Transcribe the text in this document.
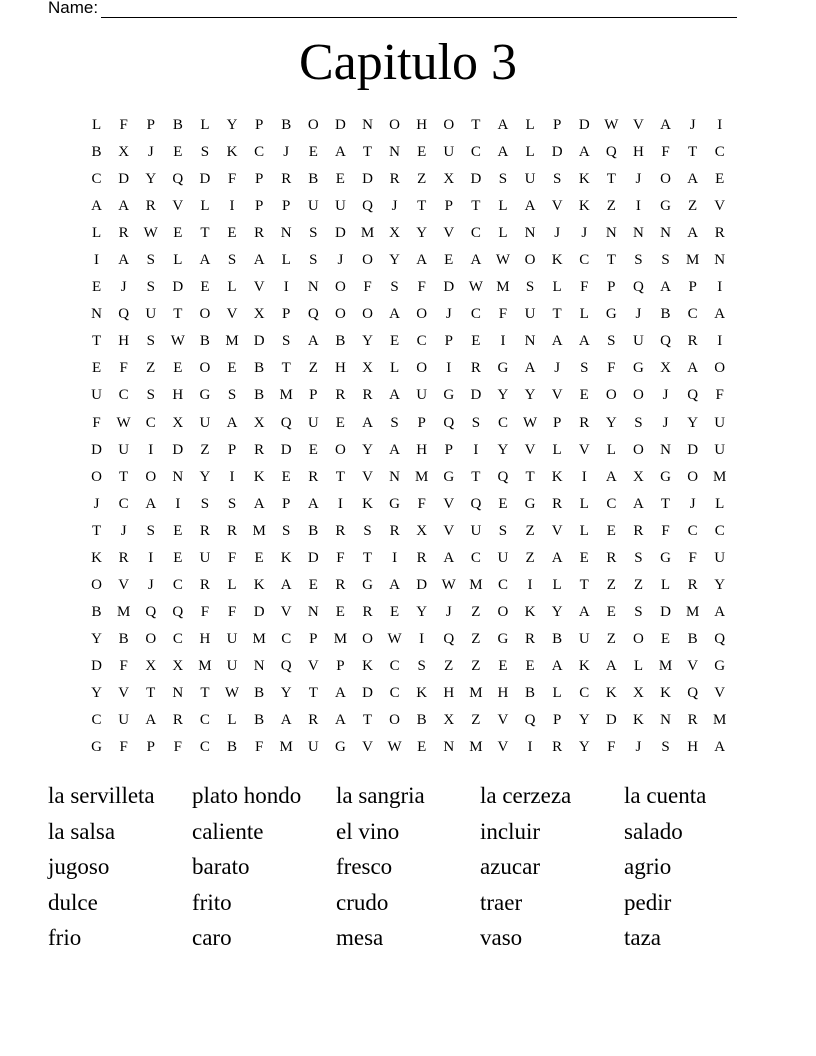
Name:
Capitulo 3
L	F	P	B	L	Y	P	B	O	D	N	O	H	O	T	A	L	P	D W V	A	J	I
B	X	J	E	S	K	C	J	E	A	T	N	E	U	C	A	L	D	A	Q	H	F	T	C
C	D	Y	Q	D	F	P	R	B	E	D	R	Z	X	D	S	U	S	K	T	J	O	A	E
A	A	R	V	L	I	P	P	U	U	Q	J	T	P	T	L	A	V	K	Z	I	G	Z	V
L	R	W	E	T	E	R	N	S	D	M	X	Y	V	C	L	N	J	J	N	N	N	A	R
I	A	S	L	A	S	A	L	S	J	O	Y	A	E	A W O	K	C	T	S	S	M	N
E	J	S	D	E	L	V	I	N	O	F	S	F	D W M	S	L	F	P	Q	A	P	I
N	Q	U	T	O	V	X	P	Q	O	O	A	O	J	C	F	U	T	L	G	J	B	C	A
T	H	S	W	B	M	D	S	A	B	Y	E	C	P	E	I	N	A	A	S	U	Q	R	I
E	F	Z	E	O	E	B	T	Z	H	X	L	O	I	R	G	A	J	S	F	G	X	A	O
U	C	S	H	G	S	B	M	P	R	R	A	U	G	D	Y	Y	V	E	O	O	J	Q	F
F	W	C	X	U	A	X	Q	U	E	A	S	P	Q	S	C	W	P	R	Y	S	J	Y	U
D	U	I	D	Z	P	R	D	E	O	Y	A	H	P	I	Y	V	L	V	L	O	N	D	U
O	T	O	N	Y	I	K	E	R	T	V	N	M	G	T	Q	T	K	I	A	X	G	O	M
J	C	A	I	S	S	A	P	A	I	K	G	F	V	Q	E	G	R	L	C	A	T	J	L
T	J	S	E	R	R	M	S	B	R	S	R	X	V	U	S	Z	V	L	E	R	F	C	C
K	R	I	E	U	F	E	K	D	F	T	I	R	A	C	U	Z	A	E	R	S	G	F	U
O	V	J	C	R	L	K	A	E	R	G	A	D W M	C	I	L	T	Z	Z	L	R	Y
B	M	Q	Q	F	F	D	V	N	E	R	E	Y	J	Z	O	K	Y	A	E	S	D	M	A
Y	B	O	C	H	U	M	C	P	M	O W	I	Q	Z	G	R	B	U	Z	O	E	B	Q
D	F	X	X	M	U	N	Q	V	P	K	C	S	Z	Z	E	E	A	K	A	L	M	V	G
Y	V	T	N	T	W	B	Y	T	A	D	C	K	H	M	H	B	L	C	K	X	K	Q	V
C	U	A	R	C	L	B	A	R	A	T	O	B	X	Z	V	Q	P	Y	D	K	N	R	M
G	F	P	F	C	B	F	M	U	G	V W	E	N	M	V	I	R	Y	F	J	S	H	A
la servilleta	plato hondo	la sangria	la cerzeza	la cuenta
la salsa	caliente	el vino	incluir	salado
jugoso	barato	fresco	azucar	agrio
dulce	frito	crudo	traer	pedir
frio	caro	mesa	vaso	taza
